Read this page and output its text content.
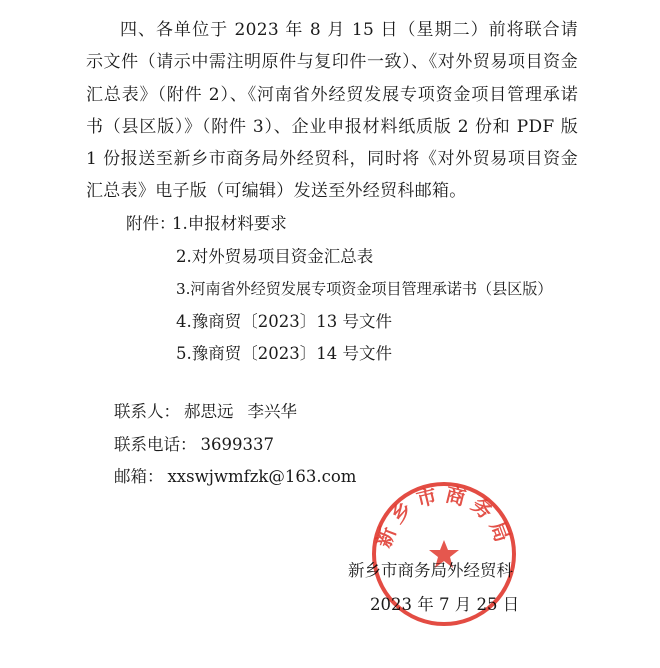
四、各单位于 2023 年 8 月 15 日（星期二）前将联合请示文件（请示中需注明原件与复印件一致）、《对外贸易项目资金汇总表》（附件 2）、《河南省外经贸发展专项资金项目管理承诺书（县区版）》（附件 3）、企业申报材料纸质版 2 份和 PDF 版 1 份报送至新乡市商务局外经贸科，同时将《对外贸易项目资金汇总表》电子版（可编辑）发送至外经贸科邮箱。

附件：
1.申报材料要求
2.对外贸易项目资金汇总表
3.河南省外经贸发展专项资金项目管理承诺书（县区版）
4.豫商贸〔2023〕13 号文件
5.豫商贸〔2023〕14 号文件
联系人： 郝思远 李兴华
联系电话： 3699337
邮箱： xxswjwmfzk@163.com
新乡市商务局外经贸科
2023 年 7 月 25 日
新乡市商务局
